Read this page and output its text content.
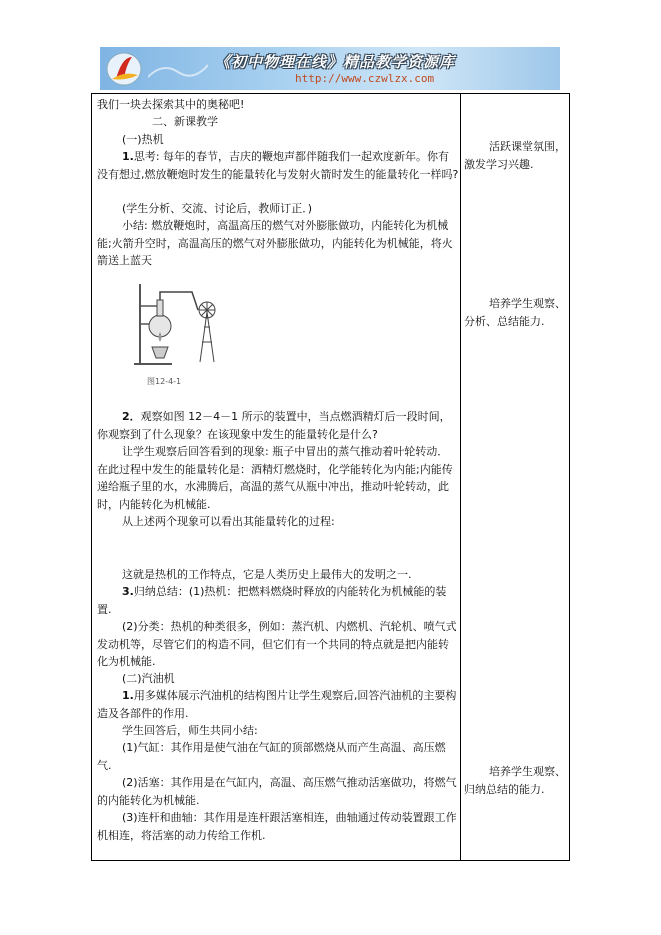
《初中物理在线》精品教学资源库
http://www.czwlzx.com
我们一块去探索其中的奥秘吧!
二、新课教学
(一)热机
1.思考: 每年的春节，吉庆的鞭炮声都伴随我们一起欢度新年。你有没有想过,燃放鞭炮时发生的能量转化与发射火箭时发生的能量转化一样吗?
(学生分析、交流、讨论后，教师订正．)
小结: 燃放鞭炮时，高温高压的燃气对外膨胀做功，内能转化为机械能;火箭升空时，高温高压的燃气对外膨胀做功，内能转化为机械能，将火箭送上蓝天
图12-4-1
2．观察如图 12－4－1 所示的装置中，当点燃酒精灯后一段时间，你观察到了什么现象？在该现象中发生的能量转化是什么?
让学生观察后回答看到的现象: 瓶子中冒出的蒸气推动着叶轮转动．在此过程中发生的能量转化是：酒精灯燃烧时，化学能转化为内能;内能传递给瓶子里的水，水沸腾后，高温的蒸气从瓶中冲出，推动叶轮转动，此时，内能转化为机械能.
从上述两个现象可以看出其能量转化的过程:
这就是热机的工作特点，它是人类历史上最伟大的发明之一.
3.归纳总结：(1)热机：把燃料燃烧时释放的内能转化为机械能的装置.
(2)分类：热机的种类很多，例如：蒸汽机、内燃机、汽轮机、喷气式发动机等，尽管它们的构造不同，但它们有一个共同的特点就是把内能转化为机械能.
(二)汽油机
1.用多媒体展示汽油机的结构图片让学生观察后,回答汽油机的主要构造及各部件的作用.
学生回答后，师生共同小结:
(1)气缸：其作用是使气油在气缸的顶部燃烧从而产生高温、高压燃气.
(2)活塞：其作用是在气缸内，高温、高压燃气推动活塞做功，将燃气的内能转化为机械能.
(3)连杆和曲轴：其作用是连杆跟活塞相连，曲轴通过传动装置跟工作机相连，将活塞的动力传给工作机.
活跃课堂氛围，激发学习兴趣.
培养学生观察、分析、总结能力.
培养学生观察、归纳总结的能力.
